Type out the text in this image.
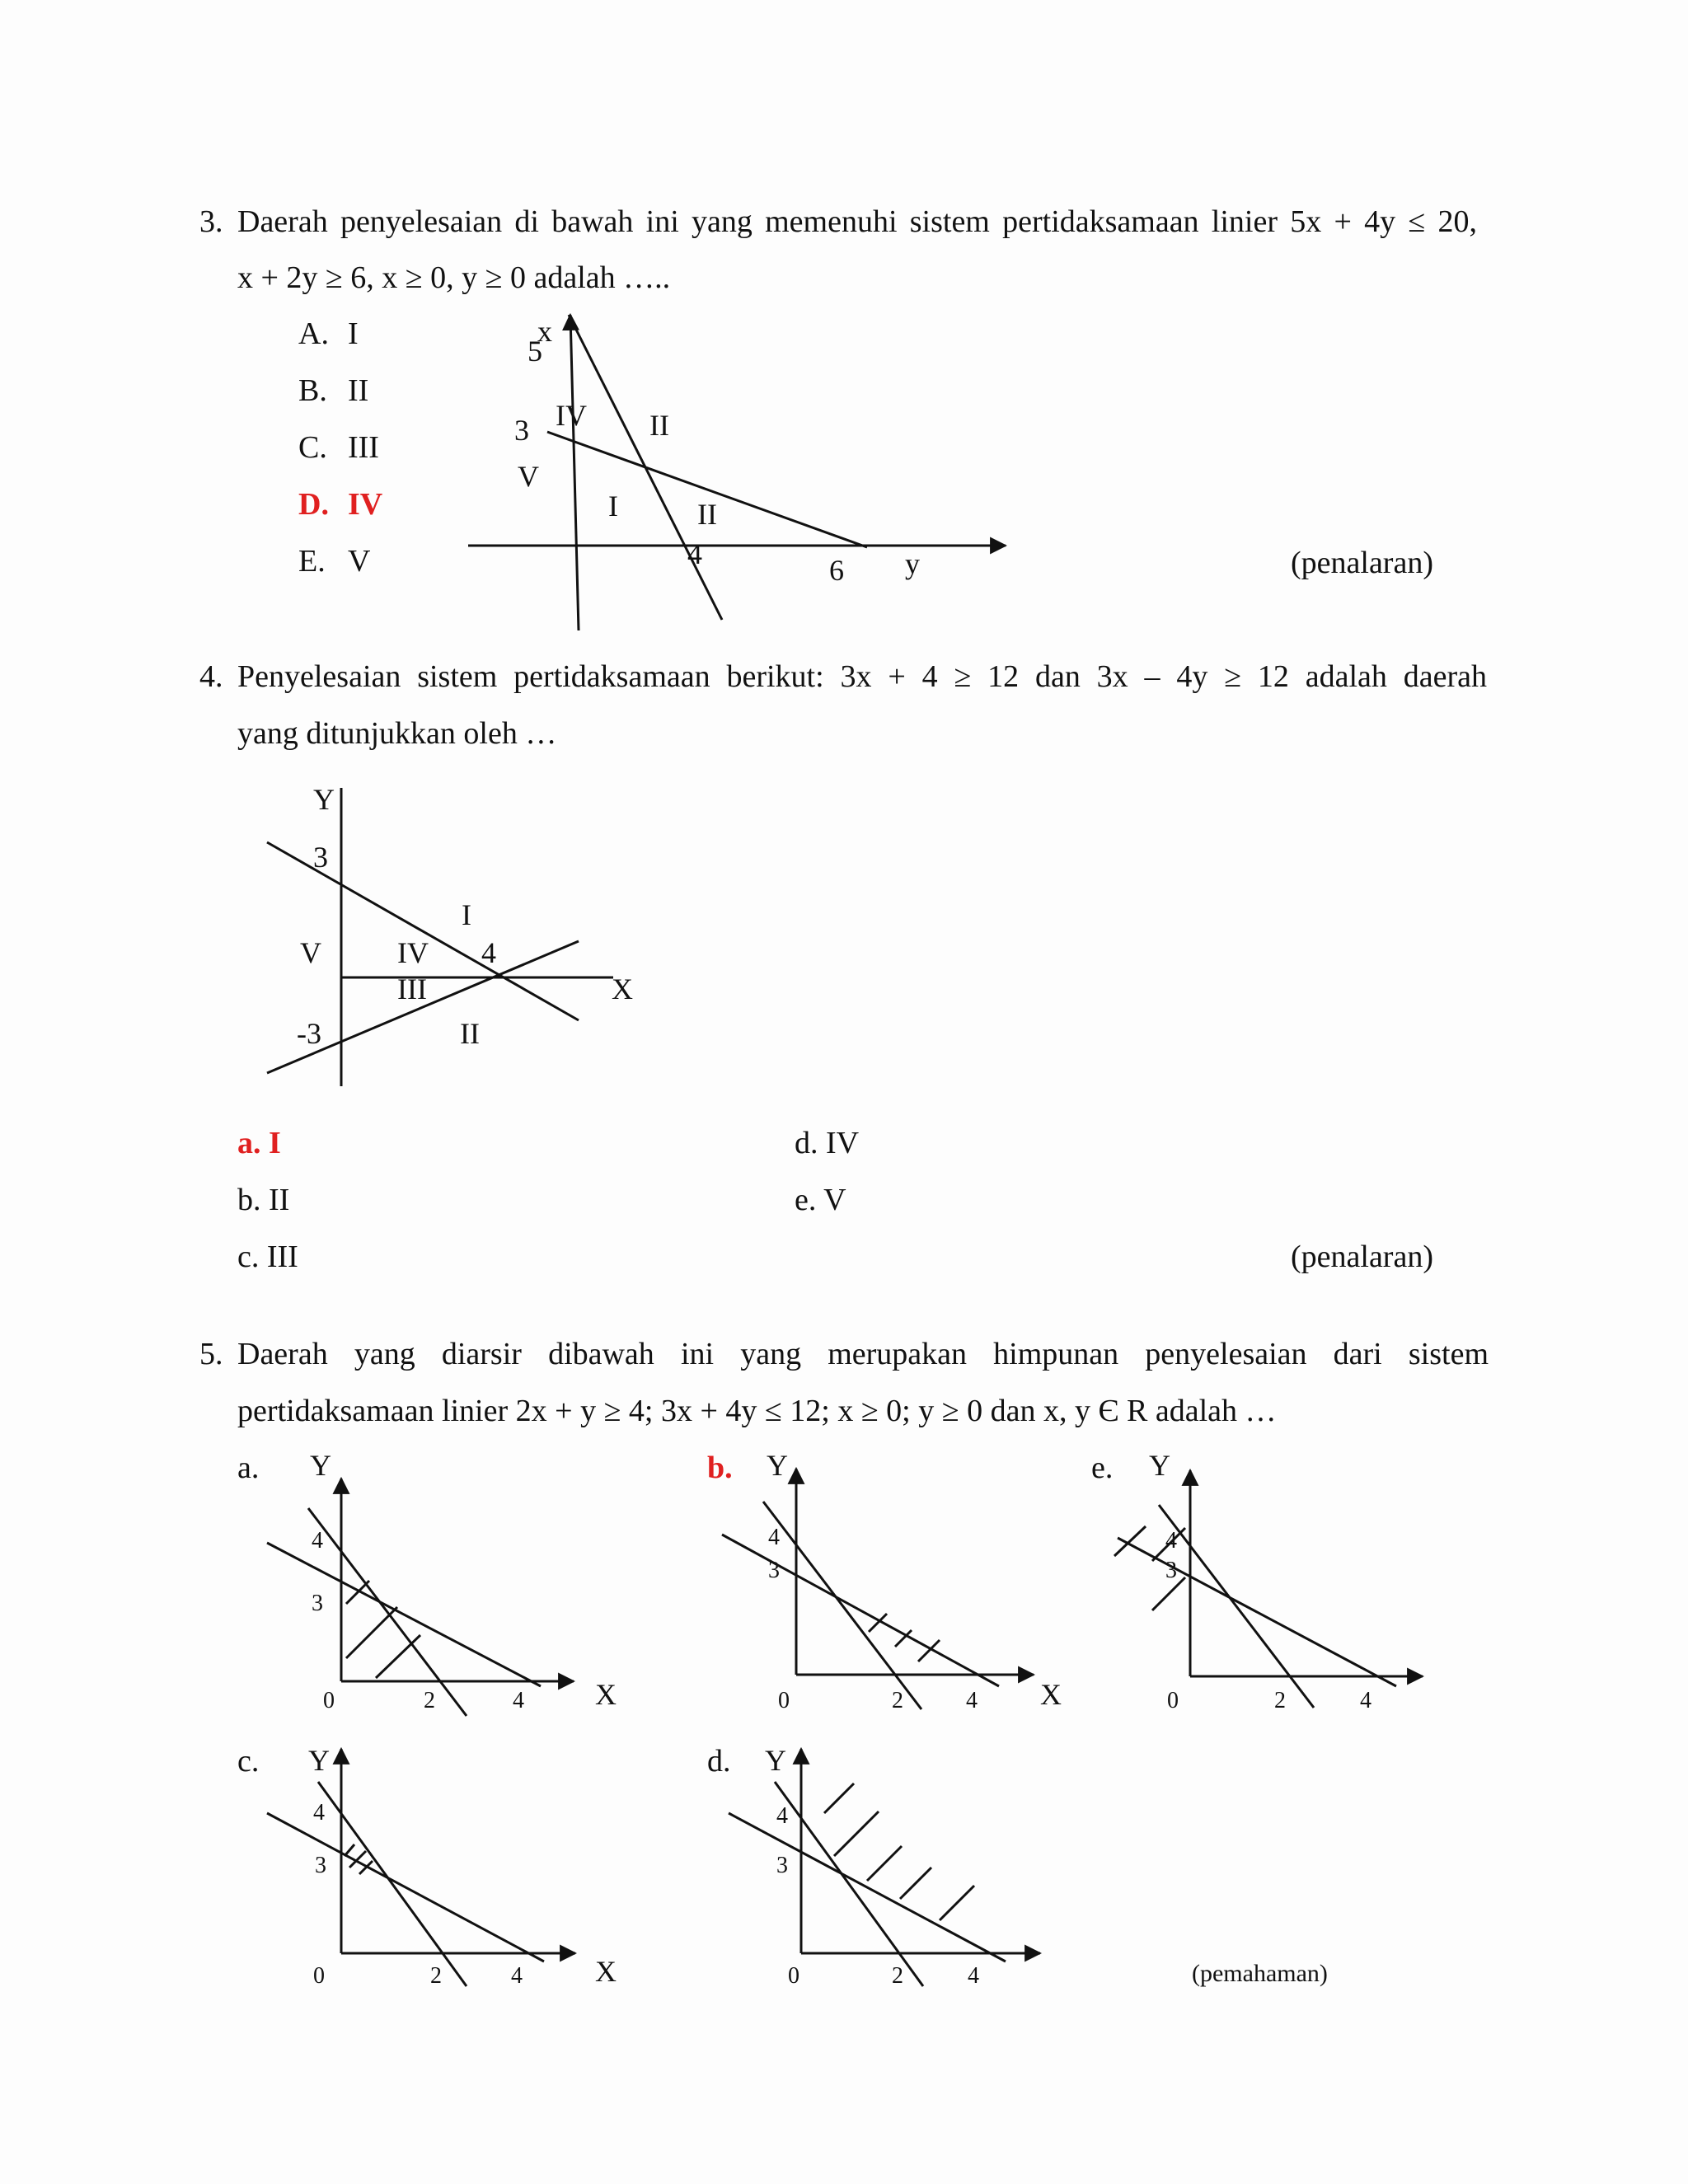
3. Daerah penyelesaian di bawah ini yang memenuhi sistem pertidaksamaan linier 5x + 4y ≤ 20,
x + 2y ≥ 6, x ≥ 0, y ≥ 0 adalah …..
A. I
B. II
C. III
D. IV
E. V	(penalaran)
4. Penyelesaian sistem pertidaksamaan berikut: 3x + 4 ≥ 12 dan 3x – 4y ≥ 12 adalah daerah
yang ditunjukkan oleh …
a. I
b. II
c. III
d. IV
e. V
(penalaran)
5. Daerah yang diarsir dibawah ini yang merupakan himpunan penyelesaian dari sistem
pertidaksamaan linier 2x + y ≥ 4; 3x + 4y ≤ 12; x ≥ 0; y ≥ 0 dan x, y Є R adalah …
a.	b.	e.
c.	d.
(pemahaman)
x
5
3
4	6 y
IV II
V
I	II
Y
X
3
4
-3
I
V	IV
III
II
Y
X
4
3
0	2	4
Y
X
4
3
0	2	4
Y
4
3
0	2	4
Y
X
4
3
0	2	4
Y
4
3
0	2	4
